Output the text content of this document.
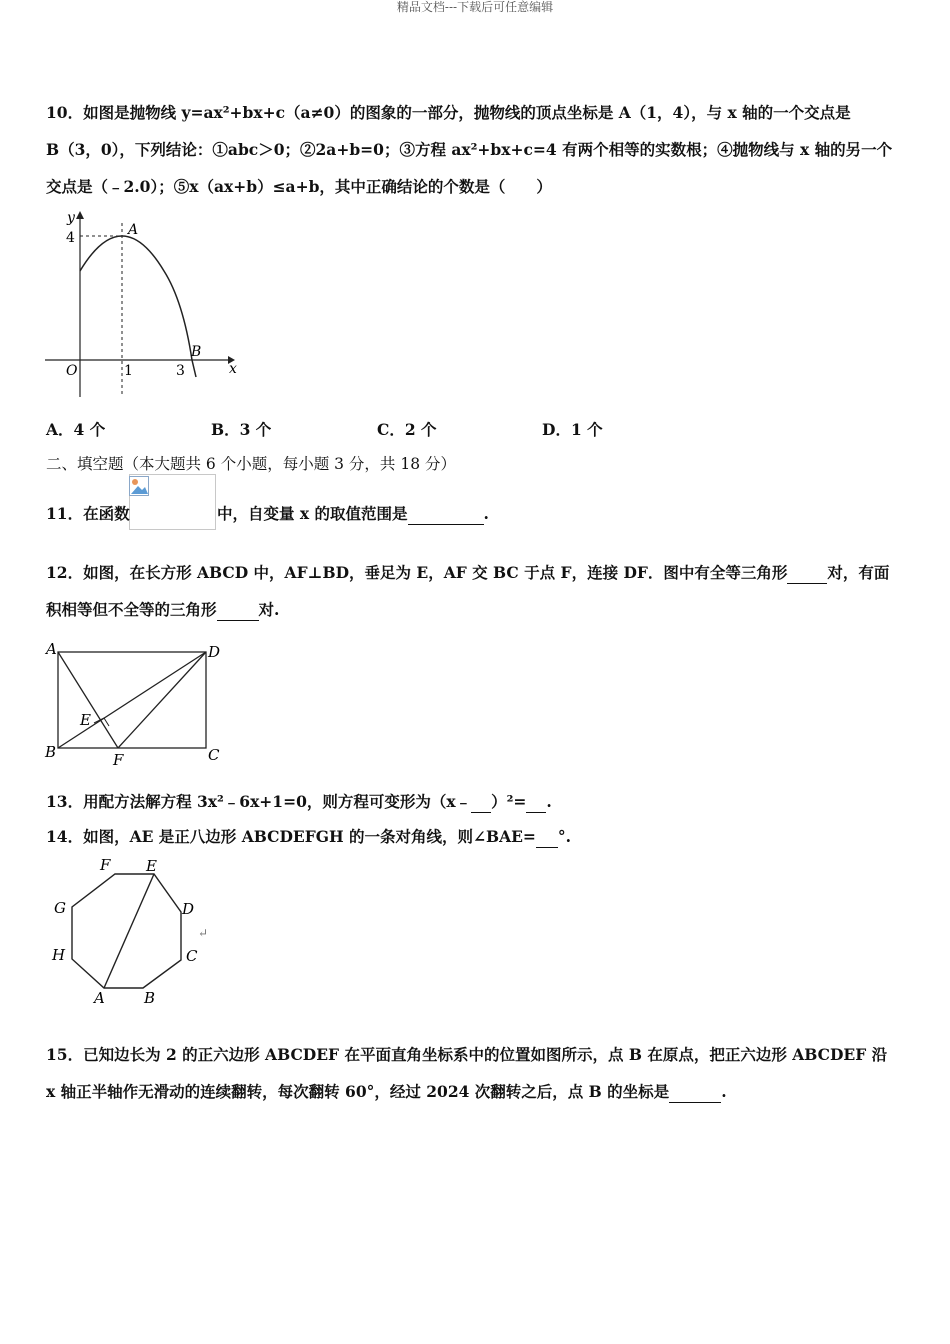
精品文档---下载后可任意编辑
10．如图是抛物线 y=ax²+bx+c（a≠0）的图象的一部分，抛物线的顶点坐标是 A（1，4），与 x 轴的一个交点是
B（3，0），下列结论：①abc＞0；②2a+b=0；③方程 ax²+bx+c=4 有两个相等的实数根；④抛物线与 x 轴的另一个
交点是（﹣2.0）；⑤x（ax+b）≤a+b，其中正确结论的个数是（　　）
y
x
4
O	1	3
A
B
A．4 个	B．3 个	C．2 个	D．1 个
二、填空题（本大题共 6 个小题，每小题 3 分，共 18 分）
11．在函数	中，自变量 x 的取值范围是	.
12．如图，在长方形 ABCD 中，AF⊥BD，垂足为 E，AF 交 BC 于点 F，连接 DF．图中有全等三角形	对，有面
积相等但不全等的三角形	对.
A	D
B	C
E
F
13．用配方法解方程 3x²﹣6x+1=0，则方程可变形为（x﹣ ）²= .
14．如图，AE 是正八边形 ABCDEFGH 的一条对角线，则∠BAE= °.
A	B
C
D
E
F
G
H
↵
15．已知边长为 2 的正六边形 ABCDEF 在平面直角坐标系中的位置如图所示，点 B 在原点，把正六边形 ABCDEF 沿
x 轴正半轴作无滑动的连续翻转，每次翻转 60°，经过 2024 次翻转之后，点 B 的坐标是	.
